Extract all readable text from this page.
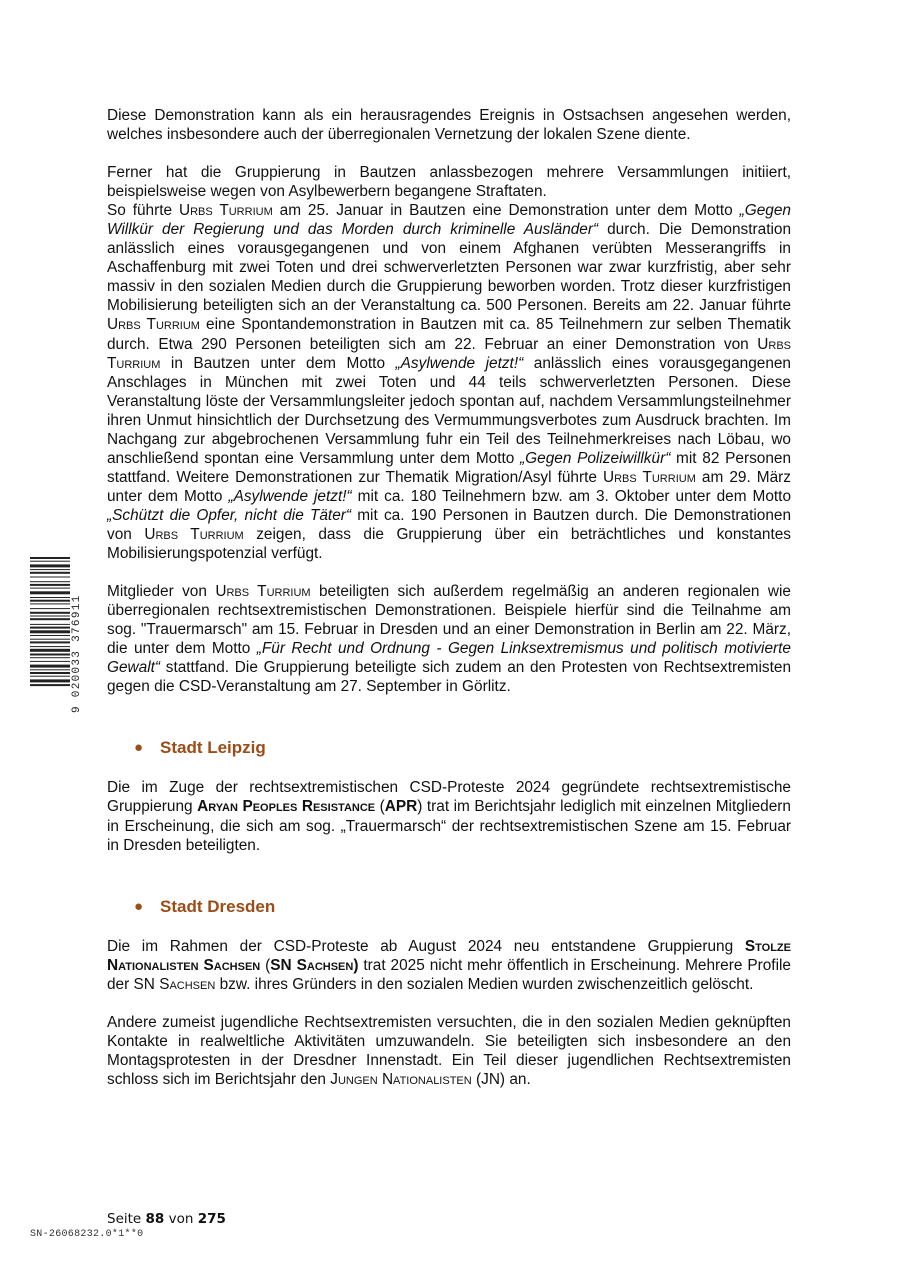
9 020033 376911

Diese Demonstration kann als ein herausragendes Ereignis in Ostsachsen angesehen werden, welches insbesondere auch der überregionalen Vernetzung der lokalen Szene diente.

Ferner hat die Gruppierung in Bautzen anlassbezogen mehrere Versammlungen initiiert, beispielsweise wegen von Asylbewerbern begangene Straftaten.

So führte Urbs Turrium am 25. Januar in Bautzen eine Demonstration unter dem Motto „Gegen Willkür der Regierung und das Morden durch kriminelle Ausländer“ durch. Die Demonstration anlässlich eines vorausgegangenen und von einem Afghanen verübten Messerangriffs in Aschaffenburg mit zwei Toten und drei schwerverletzten Personen war zwar kurzfristig, aber sehr massiv in den sozialen Medien durch die Gruppierung beworben worden. Trotz dieser kurzfristigen Mobilisierung beteiligten sich an der Veranstaltung ca. 500 Personen. Bereits am 22. Januar führte Urbs Turrium eine Spontandemonstration in Bautzen mit ca. 85 Teilnehmern zur selben Thematik durch. Etwa 290 Personen beteiligten sich am 22. Februar an einer Demonstration von Urbs Turrium in Bautzen unter dem Motto „Asylwende jetzt!“ anlässlich eines vorausgegangenen Anschlages in München mit zwei Toten und 44 teils schwerverletzten Personen. Diese Veranstaltung löste der Versammlungsleiter jedoch spontan auf, nachdem Versammlungsteilnehmer ihren Unmut hinsichtlich der Durchsetzung des Vermummungsverbotes zum Ausdruck brachten. Im Nachgang zur abgebrochenen Versammlung fuhr ein Teil des Teilnehmerkreises nach Löbau, wo anschließend spontan eine Versammlung unter dem Motto „Gegen Polizeiwillkür“ mit 82 Personen stattfand. Weitere Demonstrationen zur Thematik Migration/Asyl führte Urbs Turrium am 29. März unter dem Motto „Asylwende jetzt!“ mit ca. 180 Teilnehmern bzw. am 3. Oktober unter dem Motto „Schützt die Opfer, nicht die Täter“ mit ca. 190 Personen in Bautzen durch. Die Demonstrationen von Urbs Turrium zeigen, dass die Gruppierung über ein beträchtliches und konstantes Mobilisierungspotenzial verfügt.

Mitglieder von Urbs Turrium beteiligten sich außerdem regelmäßig an anderen regionalen wie überregionalen rechtsextremistischen Demonstrationen. Beispiele hierfür sind die Teilnahme am sog. "Trauermarsch" am 15. Februar in Dresden und an einer Demonstration in Berlin am 22. März, die unter dem Motto „Für Recht und Ordnung - Gegen Linksextremismus und politisch motivierte Gewalt“ stattfand. Die Gruppierung beteiligte sich zudem an den Protesten von Rechtsextremisten gegen die CSD-Veranstaltung am 27. September in Görlitz.

● Stadt Leipzig

Die im Zuge der rechtsextremistischen CSD-Proteste 2024 gegründete rechtsextremistische Gruppierung Aryan Peoples Resistance (APR) trat im Berichtsjahr lediglich mit einzelnen Mitgliedern in Erscheinung, die sich am sog. „Trauermarsch“ der rechtsextremistischen Szene am 15. Februar in Dresden beteiligten.

● Stadt Dresden

Die im Rahmen der CSD-Proteste ab August 2024 neu entstandene Gruppierung Stolze Nationalisten Sachsen (SN Sachsen) trat 2025 nicht mehr öffentlich in Erscheinung. Mehrere Profile der SN Sachsen bzw. ihres Gründers in den sozialen Medien wurden zwischenzeitlich gelöscht.

Andere zumeist jugendliche Rechtsextremisten versuchten, die in den sozialen Medien geknüpften Kontakte in realweltliche Aktivitäten umzuwandeln. Sie beteiligten sich insbesondere an den Montagsprotesten in der Dresdner Innenstadt. Ein Teil dieser jugendlichen Rechtsextremisten schloss sich im Berichtsjahr den Jungen Nationalisten (JN) an.

Seite 88 von 275
SN-26068232.0*1**0
